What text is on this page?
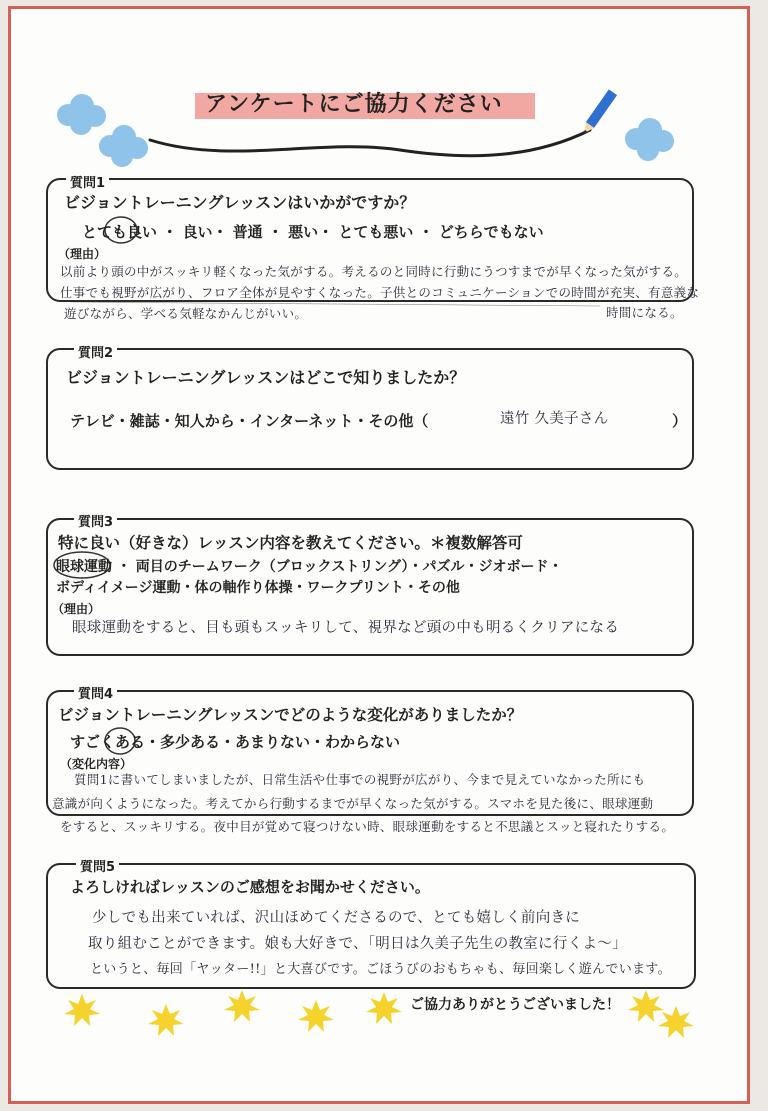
アンケートにご協力ください
質問1
ビジョントレーニングレッスンはいかがですか？
とても良い ・ 良い・ 普通 ・ 悪い・ とても悪い ・ どちらでもない
（理由）
以前より頭の中がスッキリ軽くなった気がする。考えるのと同時に行動にうつすまでが早くなった気がする。
仕事でも視野が広がり、フロア全体が見やすくなった。子供とのコミュニケーションでの時間が充実、有意義な
遊びながら、学べる気軽なかんじがいい。	時間になる。
質問2
ビジョントレーニングレッスンはどこで知りましたか？
テレビ・雑誌・知人から・インターネット・その他（	遠竹 久美子さん	）
質問3
特に良い（好きな）レッスン内容を教えてください。＊複数解答可
眼球運動 ・ 両目のチームワーク（ブロックストリング）・パズル・ジオボード・
ボディイメージ運動・体の軸作り体操・ワークプリント・その他
（理由）
眼球運動をすると、目も頭もスッキリして、視界など頭の中も明るくクリアになる
質問4
ビジョントレーニングレッスンでどのような変化がありましたか？
すごくある・多少ある・あまりない・わからない
（変化内容）
質問1に書いてしまいましたが、日常生活や仕事での視野が広がり、今まで見えていなかった所にも
意識が向くようになった。考えてから行動するまでが早くなった気がする。スマホを見た後に、眼球運動
をすると、スッキリする。夜中目が覚めて寝つけない時、眼球運動をすると不思議とスッと寝れたりする。
質問5
よろしければレッスンのご感想をお聞かせください。
少しでも出来ていれば、沢山ほめてくださるので、とても嬉しく前向きに
取り組むことができます。娘も大好きで、「明日は久美子先生の教室に行くよ〜」
というと、毎回「ヤッター!!」と大喜びです。ごほうびのおもちゃも、毎回楽しく遊んでいます。
ご協力ありがとうございました！
